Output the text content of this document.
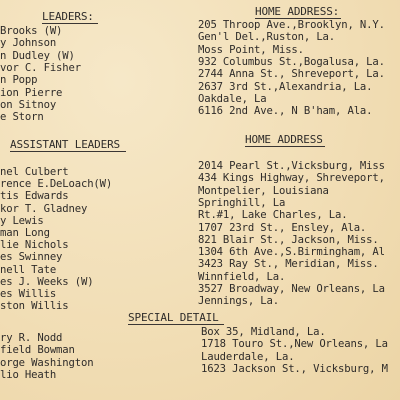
LEADERS:
Brooks (W)
y Johnson
n Dudley (W)
vor C. Fisher
n Popp
ion Pierre
on Sitnoy
e Storn
HOME ADDRESS:
205 Throop Ave.,Brooklyn, N.Y.
Gen'l Del.,Ruston, La.
Moss Point, Miss.
932 Columbus St.,Bogalusa, La.
2744 Anna St., Shreveport, La.
2637 3rd St.,Alexandria, La.
Oakdale, La
6116 2nd Ave., N B'ham, Ala.
ASSISTANT LEADERS
nel Culbert
rence E.DeLoach(W)
tis Edwards
kor T. Gladney
y Lewis
man Long
lie Nichols
es Swinney
nell Tate
es J. Weeks (W)
es Willis
ston Willis
HOME ADDRESS
2014 Pearl St.,Vicksburg, Miss
434 Kings Highway, Shreveport,
Montpelier, Louisiana
Springhill, La
Rt.#1, Lake Charles, La.
1707 23rd St., Ensley, Ala.
821 Blair St., Jackson, Miss.
1304 6th Ave.,S.Birmingham, Al
3423 Ray St., Meridian, Miss.
Winnfield, La.
3527 Broadway, New Orleans, La
Jennings, La.
SPECIAL DETAIL
ry R. Nodd
field Bowman
orge Washington
lio Heath
Box 35, Midland, La.
1718 Touro St.,New Orleans, La
Lauderdale, La.
1623 Jackson St., Vicksburg, M
